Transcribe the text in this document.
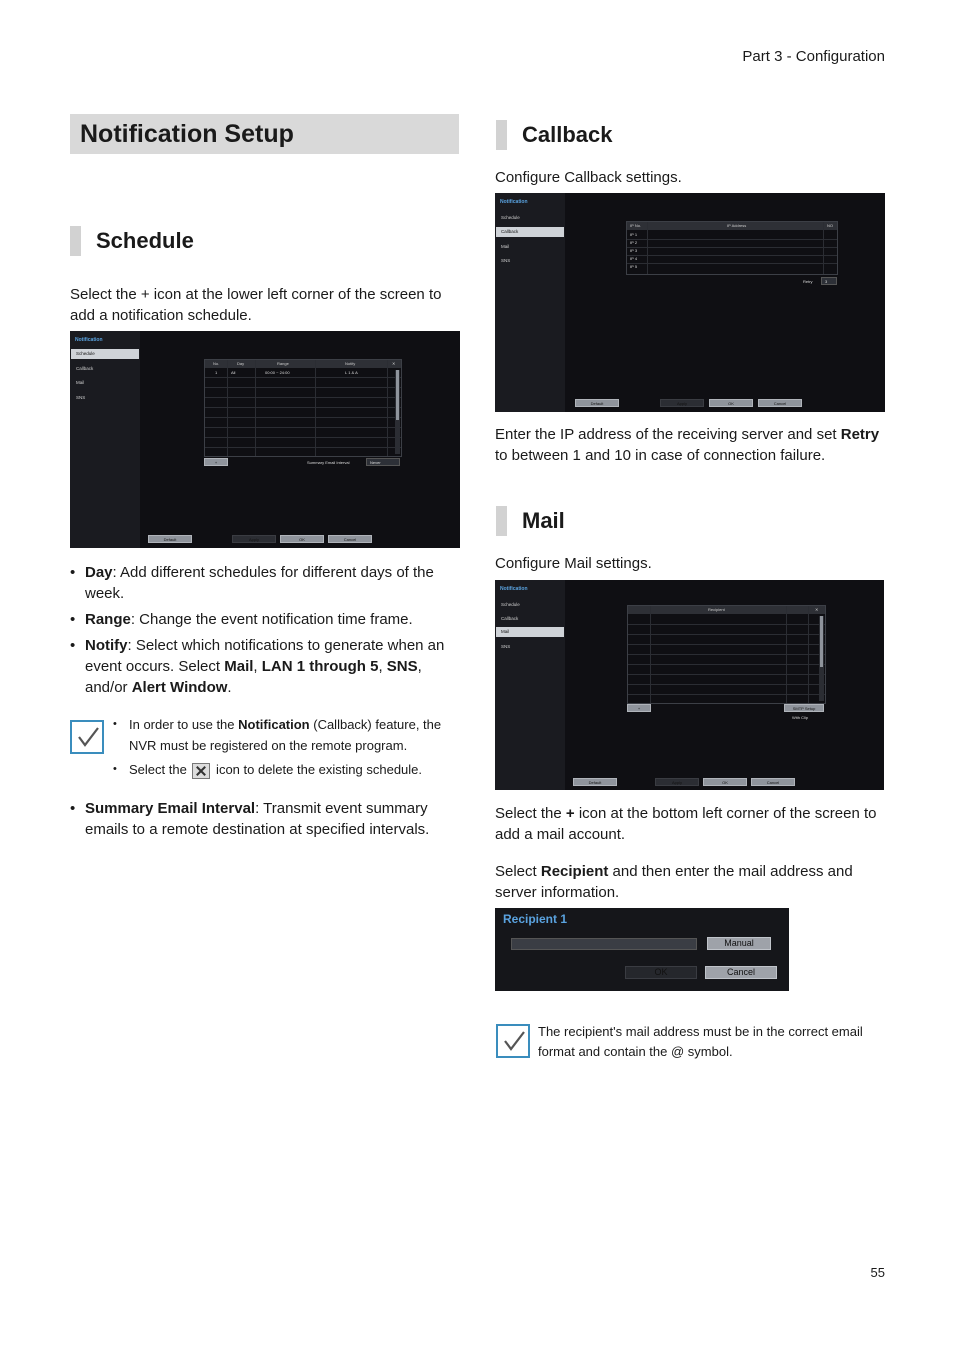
Part 3 - Configuration
Notification Setup
Schedule
Select the + icon at the lower left corner of the screen to add a notification schedule.
Notification
Schedule
Callback
Mail
SNS
No.	Day	Range	Notify	✕
1	All	00:00 ~ 24:00	L 1 & A
+	Summary Email Interval	Never
Default	Apply	OK	Cancel
• Day: Add different schedules for different days of the week.
• Range: Change the event notification time frame.
• Notify: Select which notifications to generate when an event occurs. Select Mail, LAN 1 through 5, SNS, and/or Alert Window.
• In order to use the Notification (Callback) feature, the NVR must be registered on the remote program.
• Select the  icon to delete the existing schedule.
• Summary Email Interval: Transmit event summary emails to a remote destination at specified intervals.
Callback
Configure Callback settings.
Notification
Schedule
Callback
Mail
SNS
IP No.	IP Address	NO
IP 1
IP 2
IP 3
IP 4
IP 5
Retry	3
Default	Apply	OK	Cancel
Enter the IP address of the receiving server and set Retry to between 1 and 10 in case of connection failure.
Mail
Configure Mail settings.
Notification
Schedule
Callback
Mail
SNS
Recipient	✕
+	SMTP Setup
With Clip
Default	Apply	OK	Cancel
Select the + icon at the bottom left corner of the screen to add a mail account.
Select Recipient and then enter the mail address and server information.
Recipient 1
Manual
OK	Cancel
The recipient's mail address must be in the correct email format and contain the @ symbol.
55
